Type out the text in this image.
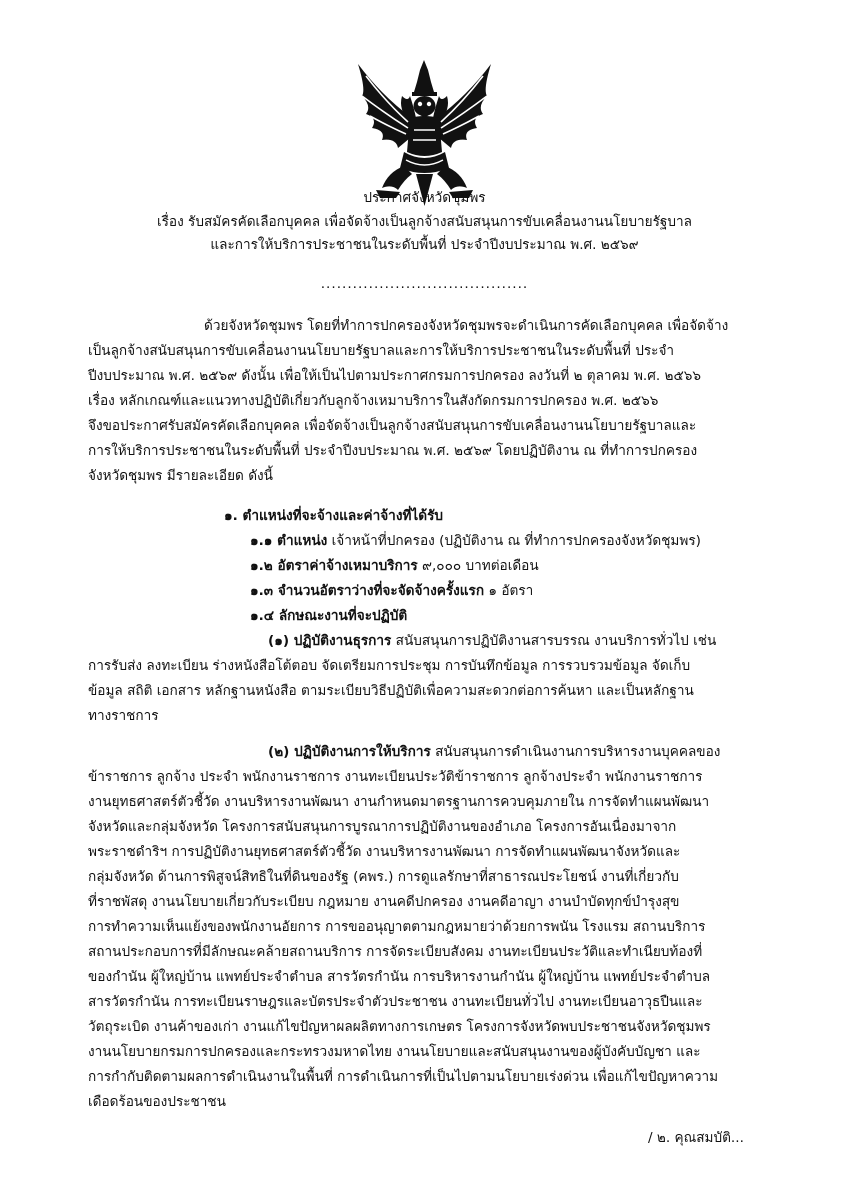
ประกาศจังหวัดชุมพร

เรื่อง รับสมัครคัดเลือกบุคคล เพื่อจัดจ้างเป็นลูกจ้างสนับสนุนการขับเคลื่อนงานนโยบายรัฐบาล

และการให้บริการประชาชนในระดับพื้นที่ ประจำปีงบประมาณ พ.ศ. ๒๕๖๙

.......................................

ด้วยจังหวัดชุมพร โดยที่ทำการปกครองจังหวัดชุมพรจะดำเนินการคัดเลือกบุคคล เพื่อจัดจ้าง

เป็นลูกจ้างสนับสนุนการขับเคลื่อนงานนโยบายรัฐบาลและการให้บริการประชาชนในระดับพื้นที่ ประจำ

ปีงบประมาณ พ.ศ. ๒๕๖๙ ดังนั้น เพื่อให้เป็นไปตามประกาศกรมการปกครอง ลงวันที่ ๒ ตุลาคม พ.ศ. ๒๕๖๖

เรื่อง หลักเกณฑ์และแนวทางปฏิบัติเกี่ยวกับลูกจ้างเหมาบริการในสังกัดกรมการปกครอง พ.ศ. ๒๕๖๖

จึงขอประกาศรับสมัครคัดเลือกบุคคล เพื่อจัดจ้างเป็นลูกจ้างสนับสนุนการขับเคลื่อนงานนโยบายรัฐบาลและ

การให้บริการประชาชนในระดับพื้นที่ ประจำปีงบประมาณ พ.ศ. ๒๕๖๙ โดยปฏิบัติงาน ณ ที่ทำการปกครอง

จังหวัดชุมพร มีรายละเอียด ดังนี้

๑. ตำแหน่งที่จะจ้างและค่าจ้างที่ได้รับ

๑.๑ ตำแหน่ง เจ้าหน้าที่ปกครอง (ปฏิบัติงาน ณ ที่ทำการปกครองจังหวัดชุมพร)

๑.๒ อัตราค่าจ้างเหมาบริการ ๙,๐๐๐ บาทต่อเดือน

๑.๓ จำนวนอัตราว่างที่จะจัดจ้างครั้งแรก ๑ อัตรา

๑.๔ ลักษณะงานที่จะปฏิบัติ

(๑) ปฏิบัติงานธุรการ สนับสนุนการปฏิบัติงานสารบรรณ งานบริการทั่วไป เช่น

การรับส่ง ลงทะเบียน ร่างหนังสือโต้ตอบ จัดเตรียมการประชุม การบันทึกข้อมูล การรวบรวมข้อมูล จัดเก็บ

ข้อมูล สถิติ เอกสาร หลักฐานหนังสือ ตามระเบียบวิธีปฏิบัติเพื่อความสะดวกต่อการค้นหา และเป็นหลักฐาน

ทางราชการ

(๒) ปฏิบัติงานการให้บริการ สนับสนุนการดำเนินงานการบริหารงานบุคคลของ

ข้าราชการ ลูกจ้าง ประจำ พนักงานราชการ งานทะเบียนประวัติข้าราชการ ลูกจ้างประจำ พนักงานราชการ

งานยุทธศาสตร์ตัวชี้วัด งานบริหารงานพัฒนา งานกำหนดมาตรฐานการควบคุมภายใน การจัดทำแผนพัฒนา

จังหวัดและกลุ่มจังหวัด โครงการสนับสนุนการบูรณาการปฏิบัติงานของอำเภอ โครงการอันเนื่องมาจาก

พระราชดำริฯ การปฏิบัติงานยุทธศาสตร์ตัวชี้วัด งานบริหารงานพัฒนา การจัดทำแผนพัฒนาจังหวัดและ

กลุ่มจังหวัด ด้านการพิสูจน์สิทธิในที่ดินของรัฐ (คพร.) การดูแลรักษาที่สาธารณประโยชน์ งานที่เกี่ยวกับ

ที่ราชพัสดุ งานนโยบายเกี่ยวกับระเบียบ กฎหมาย งานคดีปกครอง งานคดีอาญา งานบำบัดทุกข์บำรุงสุข

การทำความเห็นแย้งของพนักงานอัยการ การขออนุญาตตามกฎหมายว่าด้วยการพนัน โรงแรม สถานบริการ

สถานประกอบการที่มีลักษณะคล้ายสถานบริการ การจัดระเบียบสังคม งานทะเบียนประวัติและทำเนียบท้องที่

ของกำนัน ผู้ใหญ่บ้าน แพทย์ประจำตำบล สารวัตรกำนัน การบริหารงานกำนัน ผู้ใหญ่บ้าน แพทย์ประจำตำบล

สารวัตรกำนัน การทะเบียนราษฎรและบัตรประจำตัวประชาชน งานทะเบียนทั่วไป งานทะเบียนอาวุธปืนและ

วัตถุระเบิด งานค้าของเก่า งานแก้ไขปัญหาผลผลิตทางการเกษตร โครงการจังหวัดพบประชาชนจังหวัดชุมพร

งานนโยบายกรมการปกครองและกระทรวงมหาดไทย งานนโยบายและสนับสนุนงานของผู้บังคับบัญชา และ

การกำกับติดตามผลการดำเนินงานในพื้นที่ การดำเนินการที่เป็นไปตามนโยบายเร่งด่วน เพื่อแก้ไขปัญหาความ

เดือดร้อนของประชาชน

/ ๒. คุณสมบัติ...
